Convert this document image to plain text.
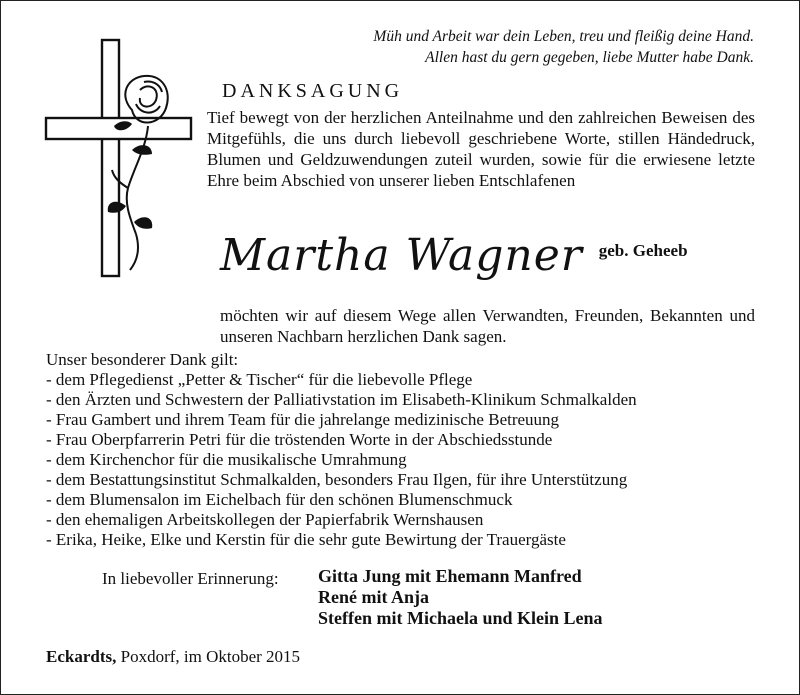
Müh und Arbeit war dein Leben, treu und fleißig deine Hand.
Allen hast du gern gegeben, liebe Mutter habe Dank.
DANKSAGUNG
Tief bewegt von der herzlichen Anteilnahme und den zahlreichen Beweisen des Mitgefühls, die uns durch liebevoll geschriebene Worte, stillen Händedruck, Blumen und Geldzuwendungen zuteil wurden, sowie für die erwiesene letzte Ehre beim Abschied von unserer lieben Entschlafenen
Martha Wagner geb. Geheeb
möchten wir auf diesem Wege allen Verwandten, Freunden, Bekannten und unseren Nachbarn herzlichen Dank sagen.
Unser besonderer Dank gilt:
- dem Pflegedienst „Petter & Tischer“ für die liebevolle Pflege
- den Ärzten und Schwestern der Palliativstation im Elisabeth-Klinikum Schmalkalden
- Frau Gambert und ihrem Team für die jahrelange medizinische Betreuung
- Frau Oberpfarrerin Petri für die tröstenden Worte in der Abschiedsstunde
- dem Kirchenchor für die musikalische Umrahmung
- dem Bestattungsinstitut Schmalkalden, besonders Frau Ilgen, für ihre Unterstützung
- dem Blumensalon im Eichelbach für den schönen Blumenschmuck
- den ehemaligen Arbeitskollegen der Papierfabrik Wernshausen
- Erika, Heike, Elke und Kerstin für die sehr gute Bewirtung der Trauergäste
In liebevoller Erinnerung: Gitta Jung mit Ehemann Manfred
René mit Anja
Steffen mit Michaela und Klein Lena
Eckardts, Poxdorf, im Oktober 2015
